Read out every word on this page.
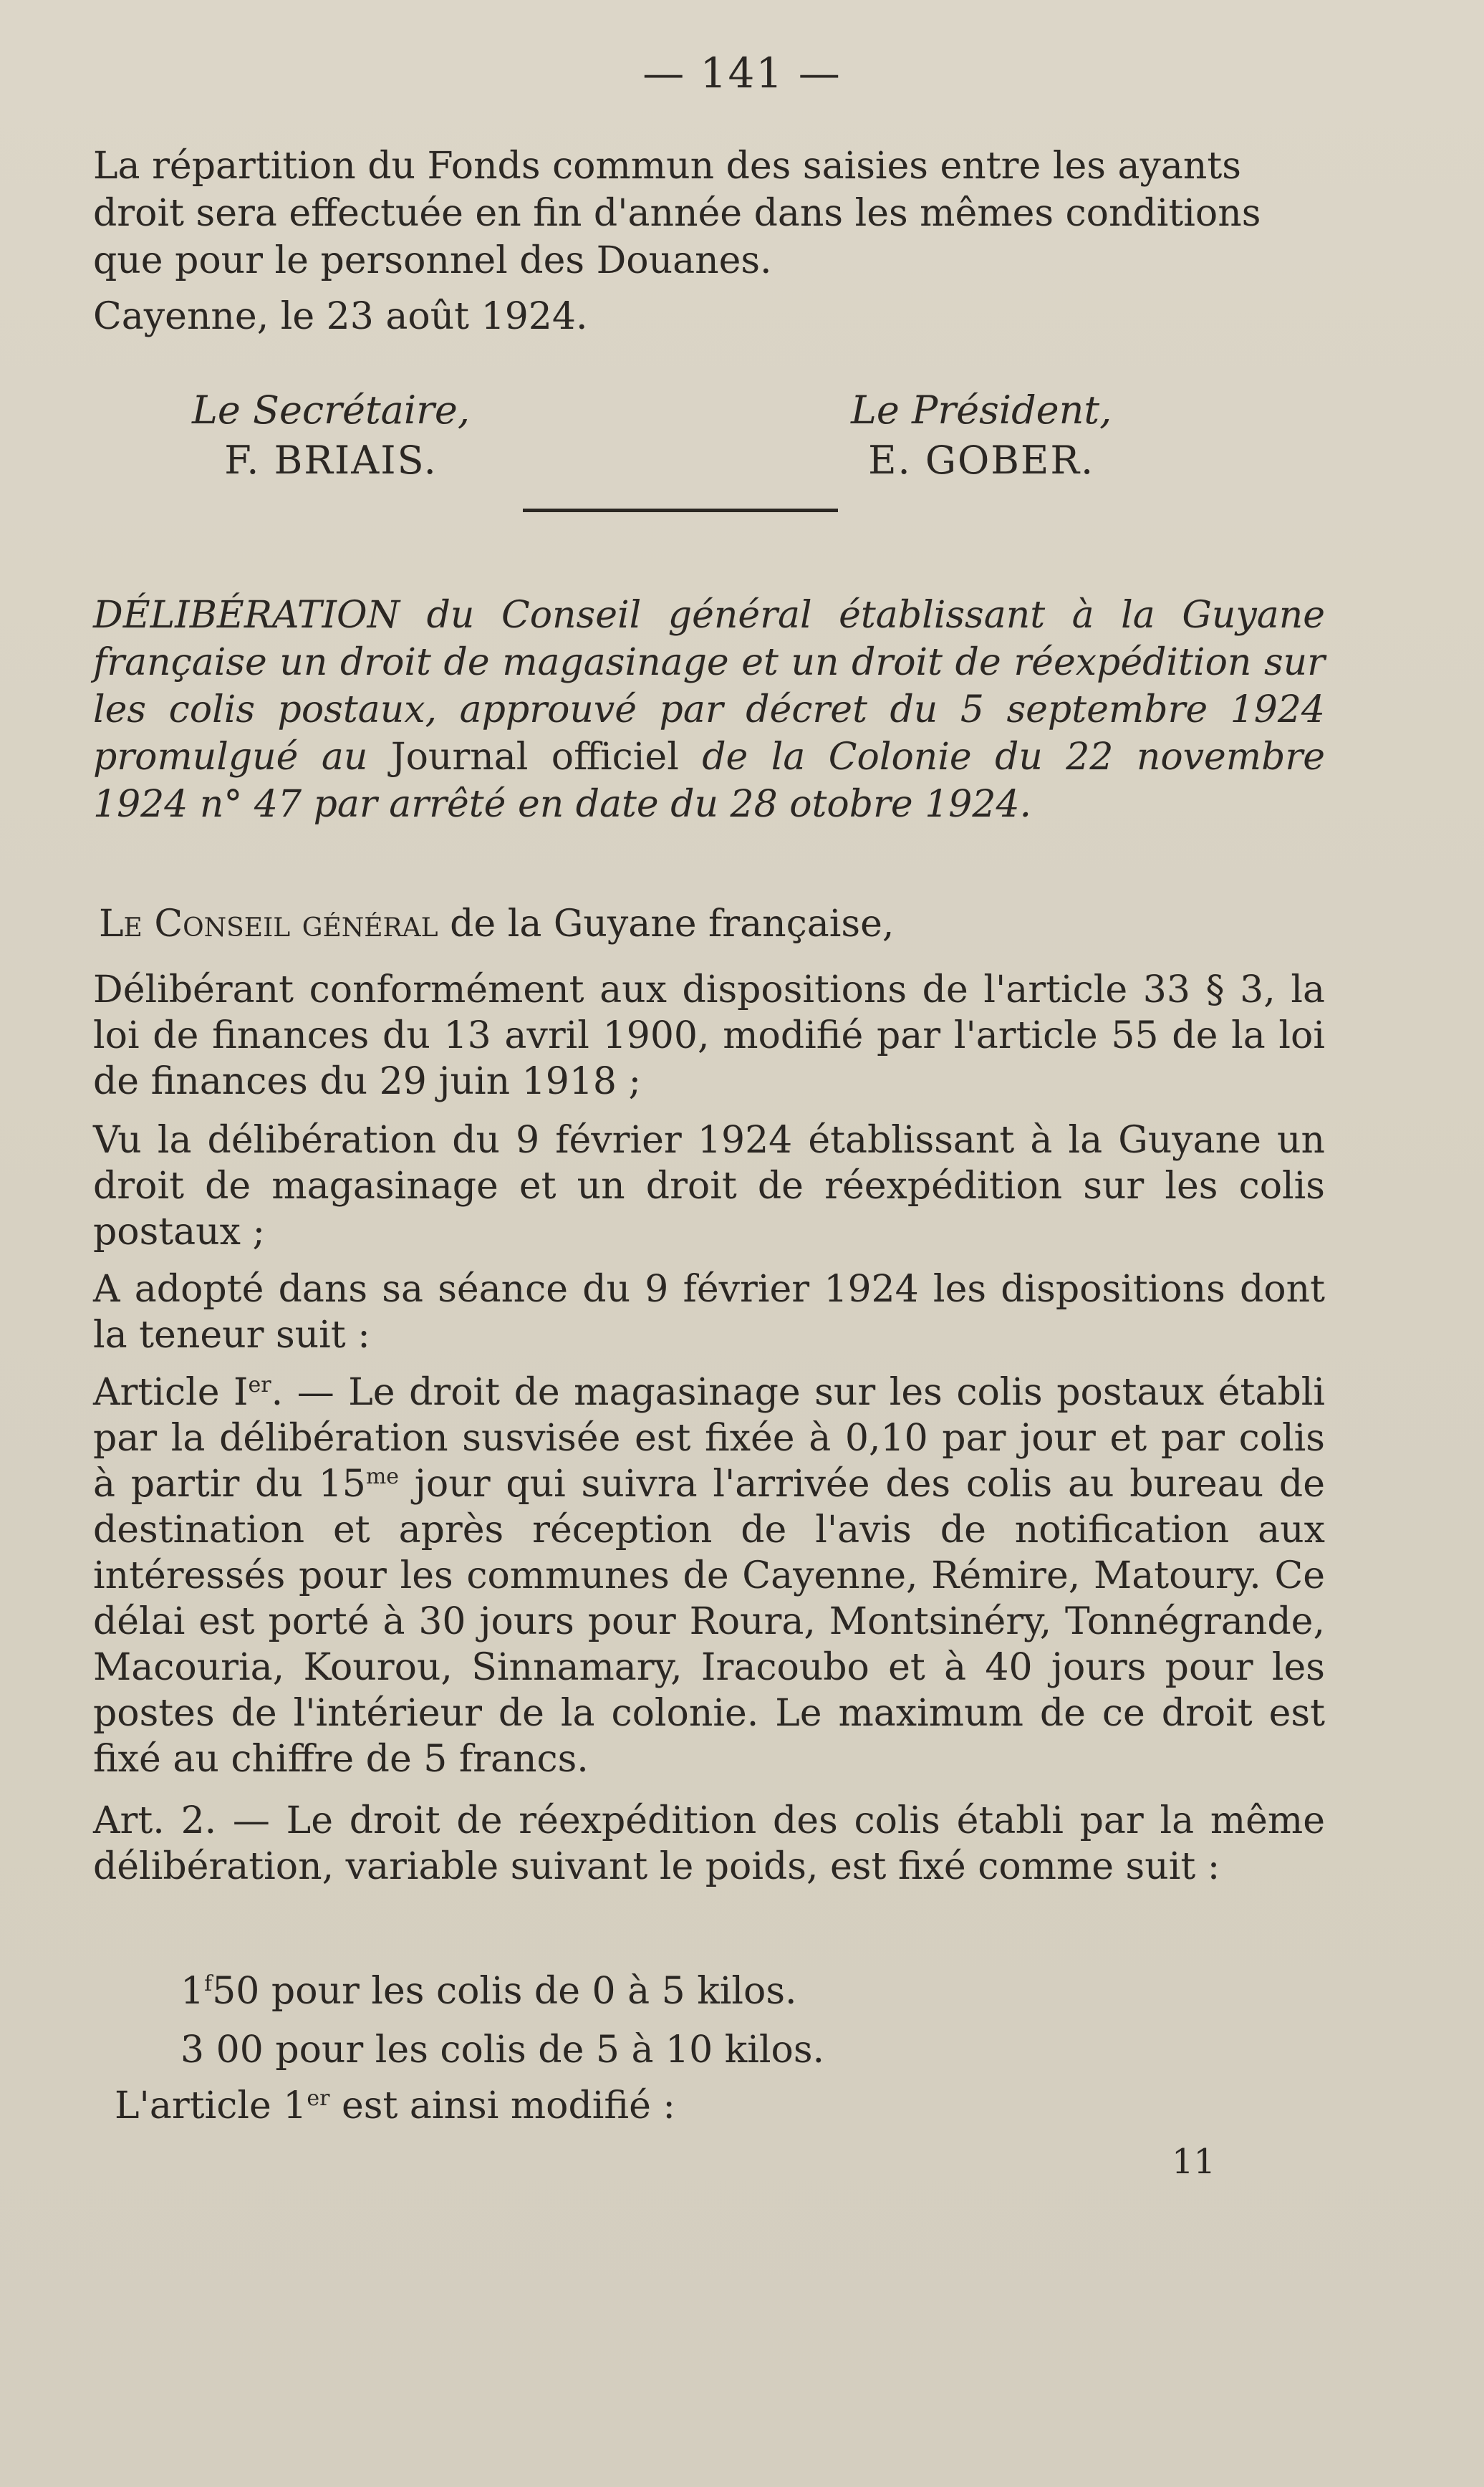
— 141 —
La répartition du Fonds commun des saisies entre les ayants
droit sera effectuée en fin d'année dans les mêmes conditions
que pour le personnel des Douanes.
Cayenne, le 23 août 1924.
Le Secrétaire,
F. BRIAIS.
Le Président,
E. GOBER.
DÉLIBÉRATION du Conseil général établissant à la Guyane française un droit de magasinage et un droit de réexpédition sur les colis postaux, approuvé par décret du 5 septembre 1924 promulgué au Journal officiel de la Colonie du 22 novembre 1924 n° 47 par arrêté en date du 28 otobre 1924.
Le Conseil général de la Guyane française,
Délibérant conformément aux dispositions de l'article 33 § 3, la loi de finances du 13 avril 1900, modifié par l'article 55 de la loi de finances du 29 juin 1918 ;
Vu la délibération du 9 février 1924 établissant à la Guyane un droit de magasinage et un droit de réexpédition sur les colis postaux ;
A adopté dans sa séance du 9 février 1924 les dispositions dont la teneur suit :
Article Ier. — Le droit de magasinage sur les colis postaux établi par la délibération susvisée est fixée à 0,10 par jour et par colis à partir du $15^{me}$ jour qui suivra l'arrivée des colis au bureau de destination et après réception de l'avis de notification aux intéressés pour les communes de Cayenne, Rémire, Matoury. Ce délai est porté à 30 jours pour Roura, Montsinéry, Tonnégrande, Macouria, Kourou, Sinnamary, Iracoubo et à 40 jours pour les postes de l'intérieur de la colonie. Le maximum de ce droit est fixé au chiffre de 5 francs.
Art. 2. — Le droit de réexpédition des colis établi par la même délibération, variable suivant le poids, est fixé comme suit :
1$^f$50 pour les colis de 0 à 5 kilos.
3 00 pour les colis de 5 à 10 kilos.
L'article 1er est ainsi modifié :
11
